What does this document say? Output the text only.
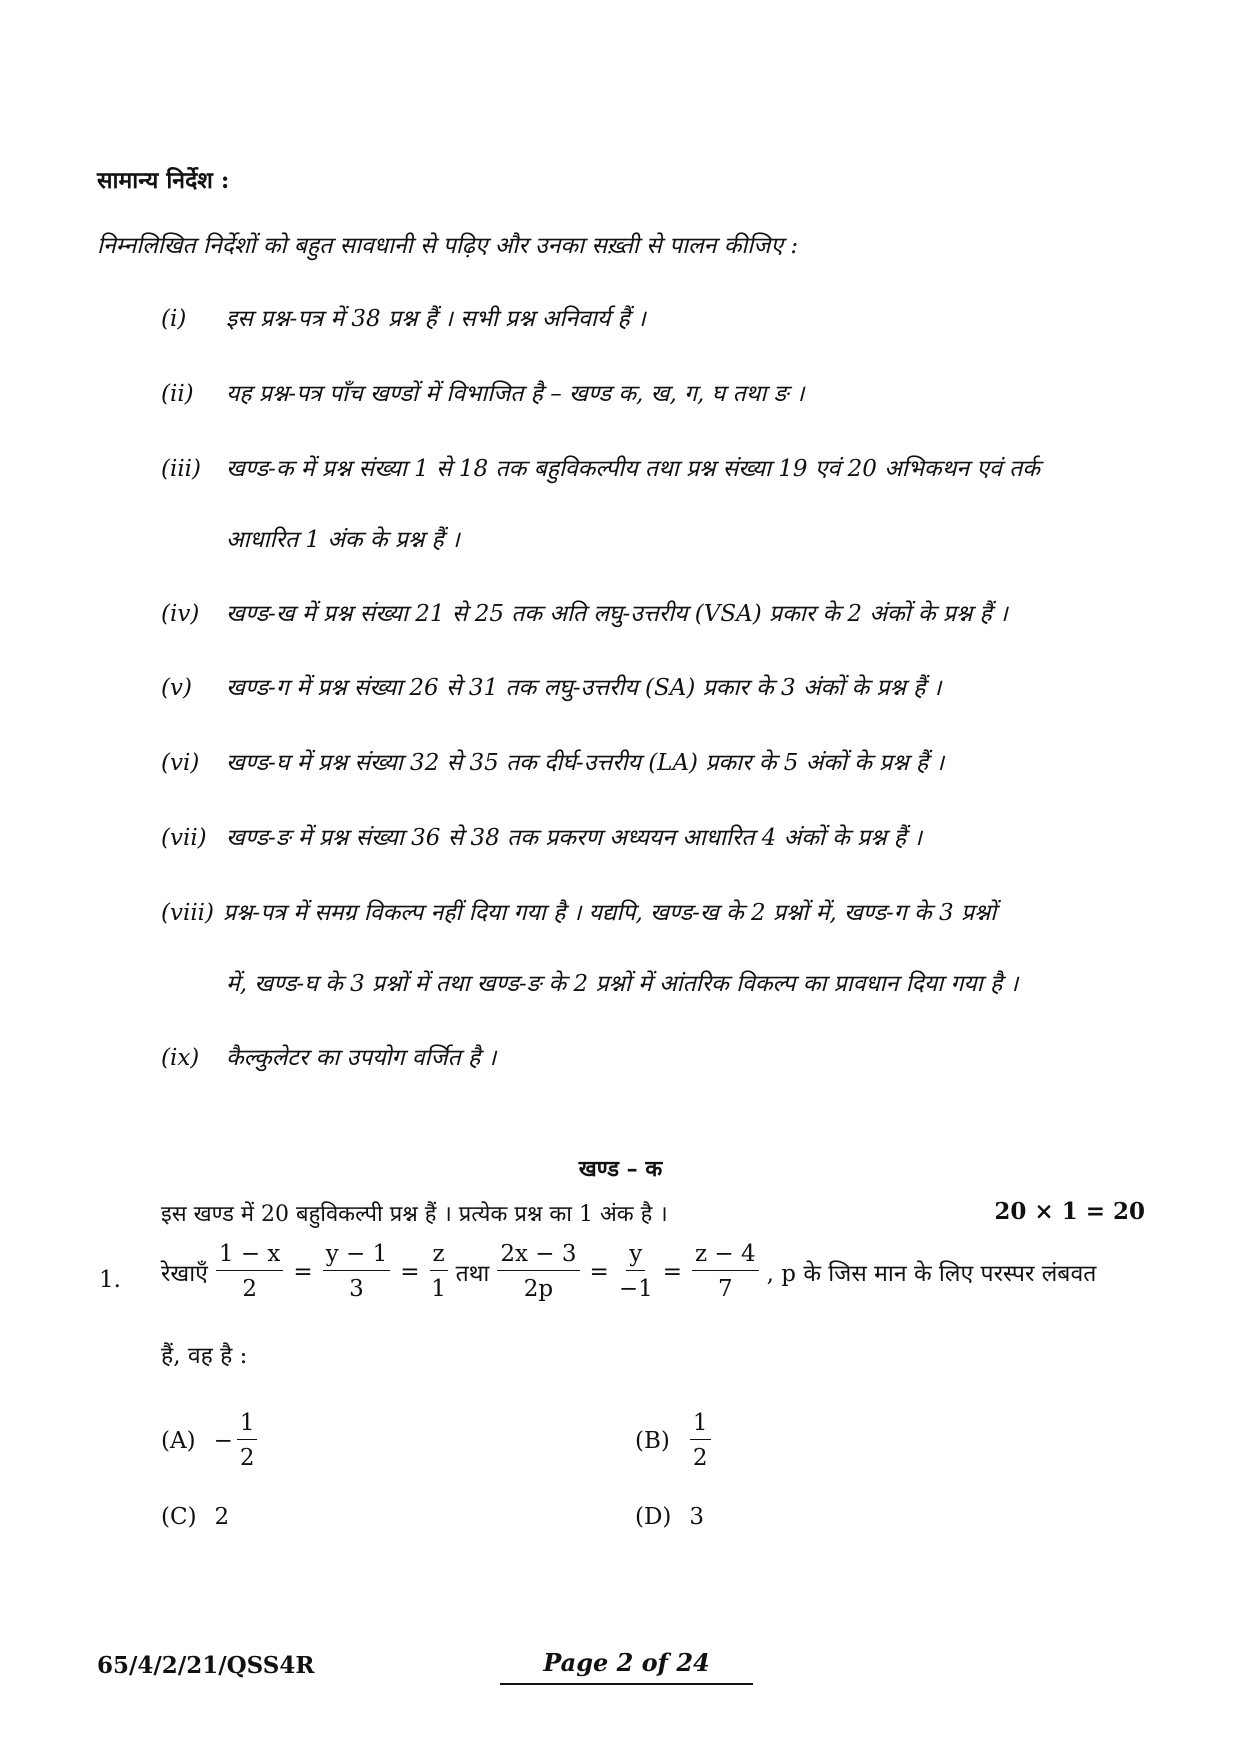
सामान्य निर्देश :
निम्नलिखित निर्देशों को बहुत सावधानी से पढ़िए और उनका सख़्ती से पालन कीजिए :
(i) इस प्रश्न-पत्र में 38 प्रश्न हैं । सभी प्रश्न अनिवार्य हैं ।
(ii) यह प्रश्न-पत्र पाँच खण्डों में विभाजित है – खण्ड क, ख, ग, घ तथा ङ ।
(iii) खण्ड-क में प्रश्न संख्या 1 से 18 तक बहुविकल्पीय तथा प्रश्न संख्या 19 एवं 20 अभिकथन एवं तर्क
आधारित 1 अंक के प्रश्न हैं ।
(iv) खण्ड-ख में प्रश्न संख्या 21 से 25 तक अति लघु-उत्तरीय (VSA) प्रकार के 2 अंकों के प्रश्न हैं ।
(v) खण्ड-ग में प्रश्न संख्या 26 से 31 तक लघु-उत्तरीय (SA) प्रकार के 3 अंकों के प्रश्न हैं ।
(vi) खण्ड-घ में प्रश्न संख्या 32 से 35 तक दीर्घ-उत्तरीय (LA) प्रकार के 5 अंकों के प्रश्न हैं ।
(vii) खण्ड-ङ में प्रश्न संख्या 36 से 38 तक प्रकरण अध्ययन आधारित 4 अंकों के प्रश्न हैं ।
(viii) प्रश्न-पत्र में समग्र विकल्प नहीं दिया गया है । यद्यपि, खण्ड-ख के 2 प्रश्नों में, खण्ड-ग के 3 प्रश्नों
में, खण्ड-घ के 3 प्रश्नों में तथा खण्ड-ङ के 2 प्रश्नों में आंतरिक विकल्प का प्रावधान दिया गया है ।
(ix) कैल्कुलेटर का उपयोग वर्जित है ।
खण्ड – क
इस खण्ड में 20 बहुविकल्पी प्रश्न हैं । प्रत्येक प्रश्न का 1 अंक है ।	20 × 1 = 20
1. रेखाएँ $\frac{1 - x}{2} = \frac{y - 1}{3} = \frac{z}{1}$ तथा $\frac{2x - 3}{2p} = \frac{y}{-1} = \frac{z - 4}{7}$ , p के जिस मान के लिए परस्पर लंबवत
हैं, वह है :
$(A) - \frac{1}{2}$	$(B) \frac{1}{2}$
(C) 2	(D) 3
65/4/2/21/QSS4R	Page 2 of 24
